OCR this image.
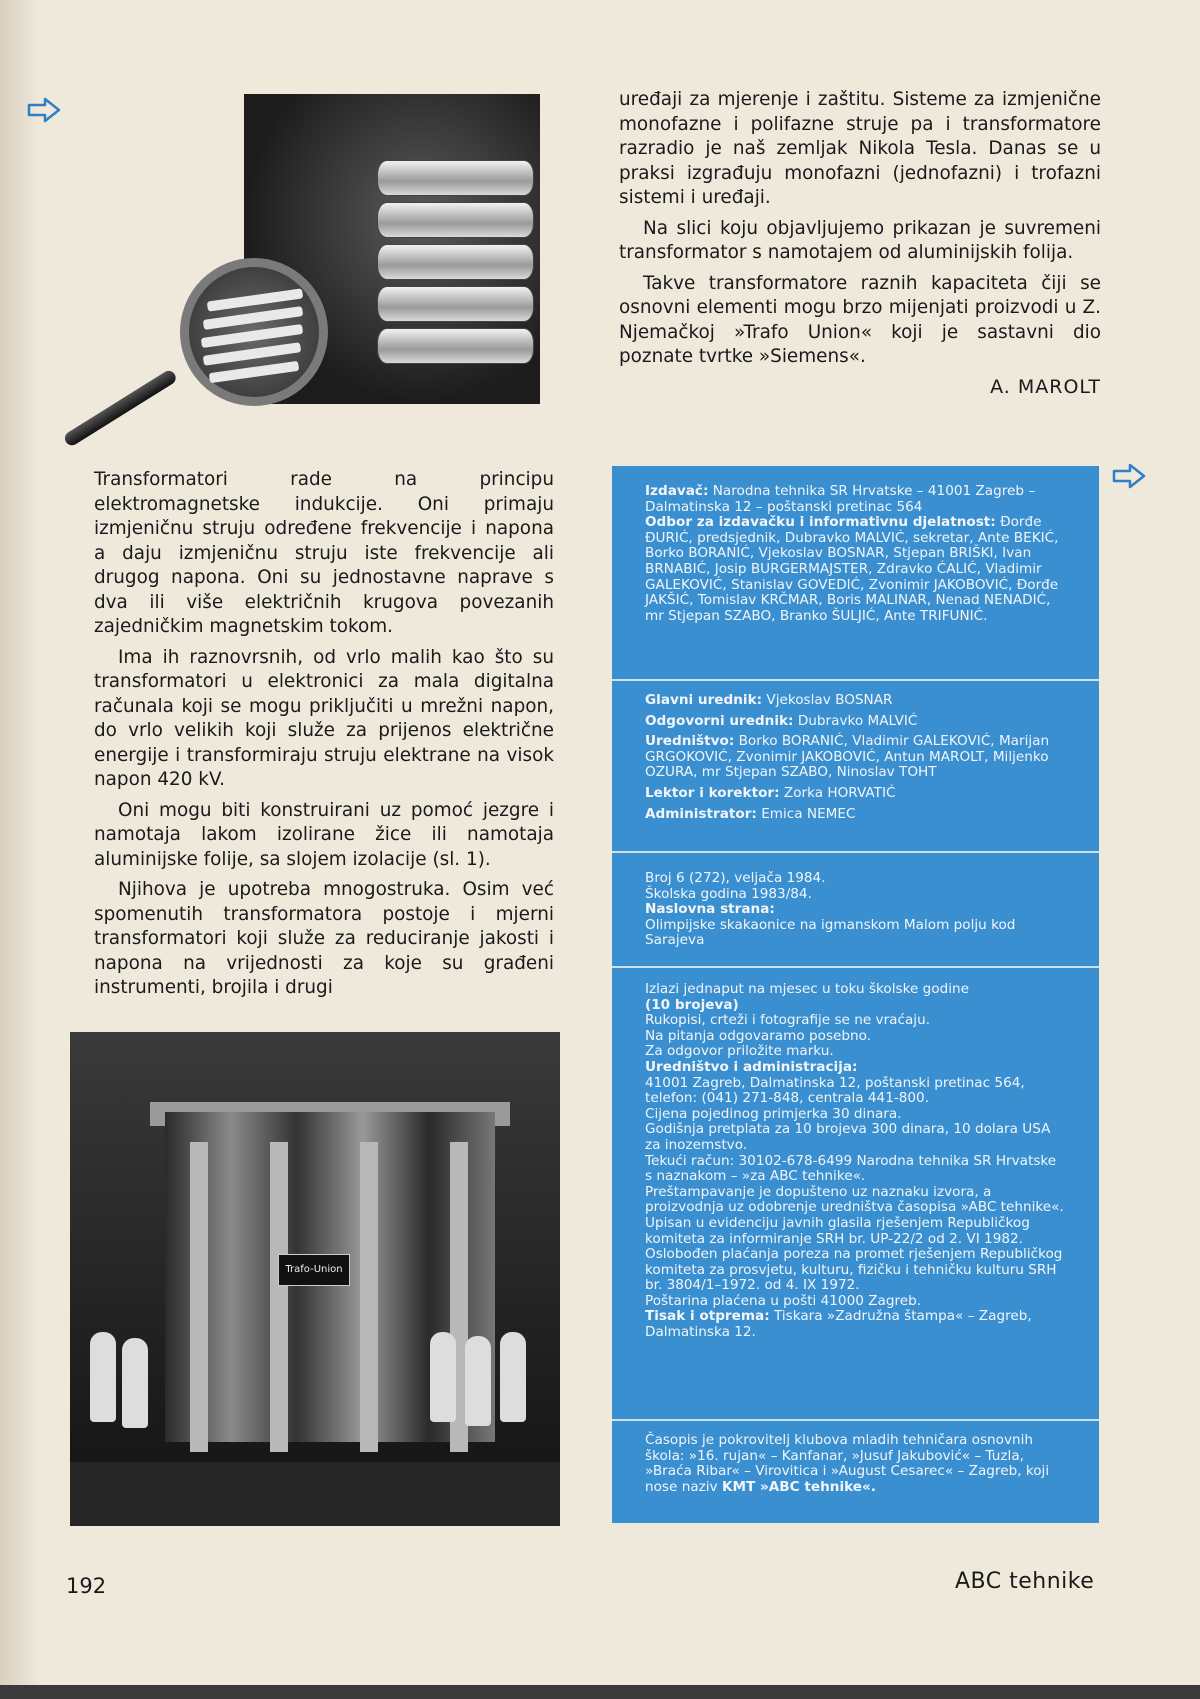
uređaji za mjerenje i zaštitu. Sisteme za izmjenične monofazne i polifazne struje pa i transformatore razradio je naš zemljak Nikola Tesla. Danas se u praksi izgrađuju monofazni (jednofazni) i trofazni sistemi i uređaji.

Na slici koju objavljujemo prikazan je suvremeni transformator s namotajem od aluminijskih folija.

Takve transformatore raznih kapaciteta čiji se osnovni elementi mogu brzo mijenjati proizvodi u Z. Njemačkoj »Trafo Union« koji je sastavni dio poznate tvrtke »Siemens«.

A. MAROLT

Transformatori rade na principu elektromagnetske indukcije. Oni primaju izmjeničnu struju određene frekvencije i napona a daju izmjeničnu struju iste frekvencije ali drugog napona. Oni su jednostavne naprave s dva ili više električnih krugova povezanih zajedničkim magnetskim tokom.

Ima ih raznovrsnih, od vrlo malih kao što su transformatori u elektronici za mala digitalna računala koji se mogu priključiti u mrežni napon, do vrlo velikih koji služe za prijenos električne energije i transformiraju struju elektrane na visok napon 420 kV.

Oni mogu biti konstruirani uz pomoć jezgre i namotaja lakom izolirane žice ili namotaja aluminijske folije, sa slojem izolacije (sl. 1).

Njihova je upotreba mnogostruka. Osim već spomenutih transformatora postoje i mjerni transformatori koji služe za reduciranje jakosti i napona na vrijednosti za koje su građeni instrumenti, brojila i drugi

Trafo-Union

Izdavač: Narodna tehnika SR Hrvatske – 41001 Zagreb – Dalmatinska 12 – poštanski pretinac 564

Odbor za izdavačku i informativnu djelatnost: Đorđe ĐURIĆ, predsjednik, Dubravko MALVIĆ, sekretar, Ante BEKIĆ, Borko BORANIĆ, Vjekoslav BOSNAR, Stjepan BRIŠKI, Ivan BRNABIĆ, Josip BURGERMAJSTER, Zdravko ĆALIĆ, Vladimir GALEKOVIĆ, Stanislav GOVEDIĆ, Zvonimir JAKOBOVIĆ, Đorđe JAKŠIĆ, Tomislav KRČMAR, Boris MALINAR, Nenad NENADIĆ, mr Stjepan SZABO, Branko ŠULJIĆ, Ante TRIFUNIĆ.

Glavni urednik: Vjekoslav BOSNAR

Odgovorni urednik: Dubravko MALVIĆ

Uredništvo: Borko BORANIĆ, Vladimir GALEKOVIĆ, Marijan GRGOKOVIĆ, Zvonimir JAKOBOVIĆ, Antun MAROLT, Miljenko OZURA, mr Stjepan SZABO, Ninoslav TOHT

Lektor i korektor: Zorka HORVATIĆ

Administrator: Emica NEMEC

Broj 6 (272), veljača 1984.

Školska godina 1983/84.

Naslovna strana:

Olimpijske skakaonice na igmanskom Malom polju kod Sarajeva

Izlazi jednaput na mjesec u toku školske godine

(10 brojeva)

Rukopisi, crteži i fotografije se ne vraćaju.

Na pitanja odgovaramo posebno.

Za odgovor priložite marku.

Uredništvo i administracija:

41001 Zagreb, Dalmatinska 12, poštanski pretinac 564, telefon: (041) 271-848, centrala 441-800.

Cijena pojedinog primjerka 30 dinara.

Godišnja pretplata za 10 brojeva 300 dinara, 10 dolara USA za inozemstvo.

Tekući račun: 30102-678-6499 Narodna tehnika SR Hrvatske s naznakom – »za ABC tehnike«.

Preštampavanje je dopušteno uz naznaku izvora, a proizvodnja uz odobrenje uredništva časopisa »ABC tehnike«.

Upisan u evidenciju javnih glasila rješenjem Republičkog komiteta za informiranje SRH br. UP-22/2 od 2. VI 1982.

Oslobođen plaćanja poreza na promet rješenjem Republičkog komiteta za prosvjetu, kulturu, fizičku i tehničku kulturu SRH br. 3804/1–1972. od 4. IX 1972.

Poštarina plaćena u pošti 41000 Zagreb.

Tisak i otprema: Tiskara »Zadružna štampa« – Zagreb, Dalmatinska 12.

Časopis je pokrovitelj klubova mladih tehničara osnovnih škola: »16. rujan« – Kanfanar, »Jusuf Jakubović« – Tuzla, »Braća Ribar« – Virovitica i »August Cesarec« – Zagreb, koji nose naziv KMT »ABC tehnike«.

192	ABC tehnike
